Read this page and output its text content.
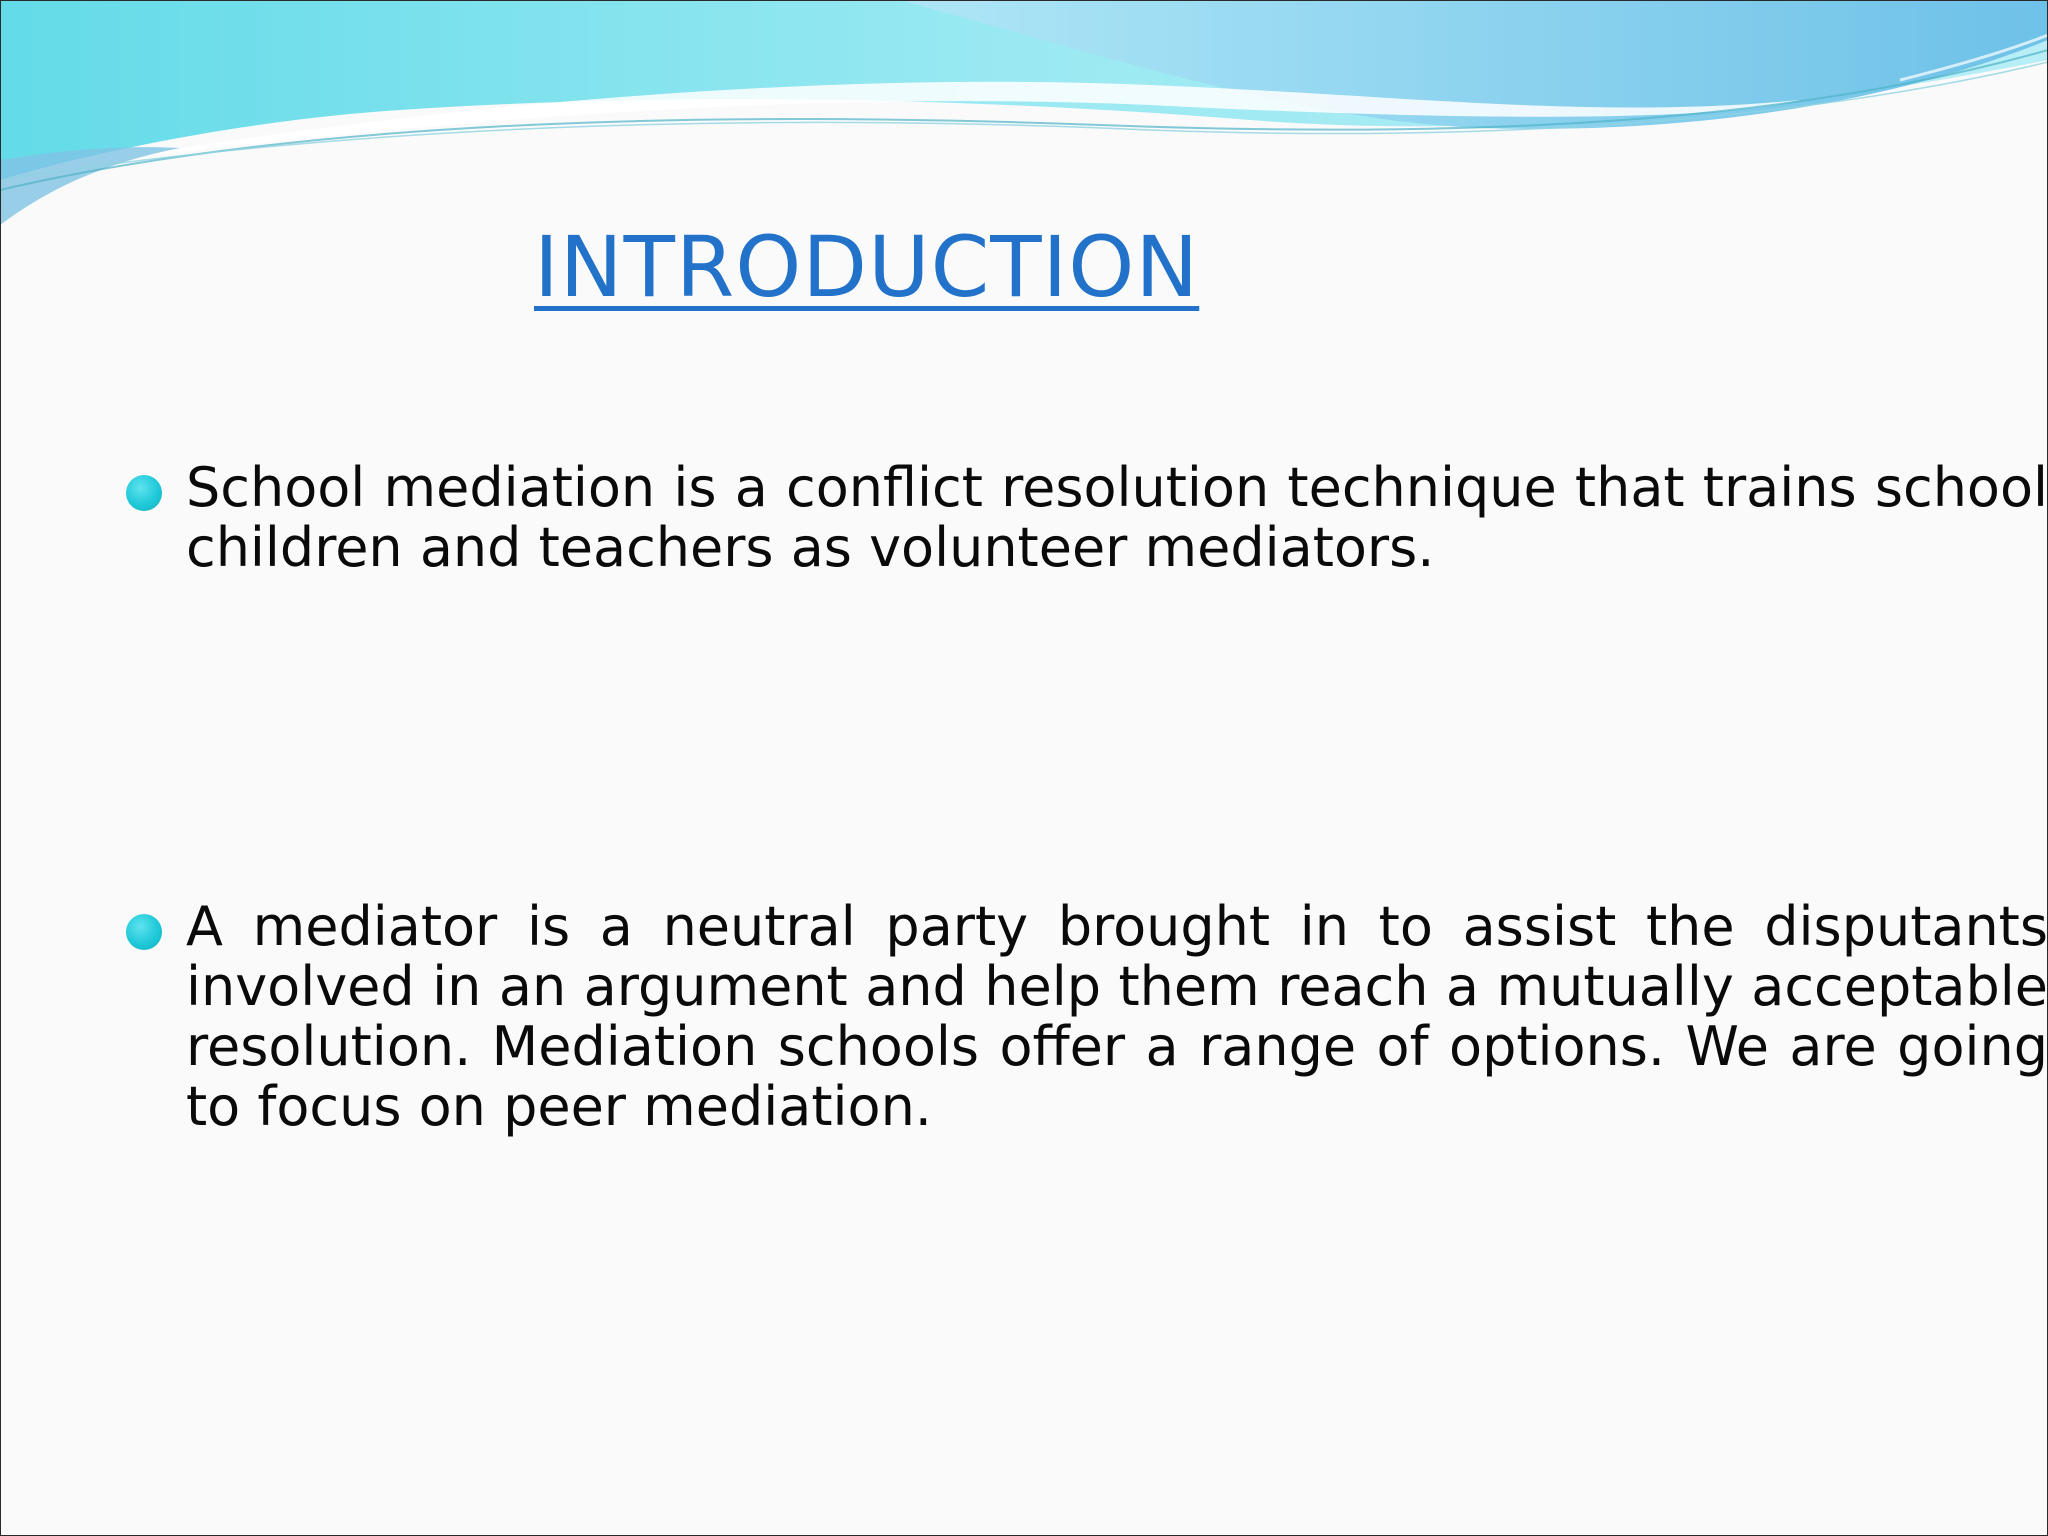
INTRODUCTION

School mediation is a conflict resolution technique that trains school children and teachers as volunteer mediators.

A mediator is a neutral party brought in to assist the disputants involved in an argument and help them reach a mutually acceptable resolution. Mediation schools offer a range of options. We are going to focus on peer mediation.
